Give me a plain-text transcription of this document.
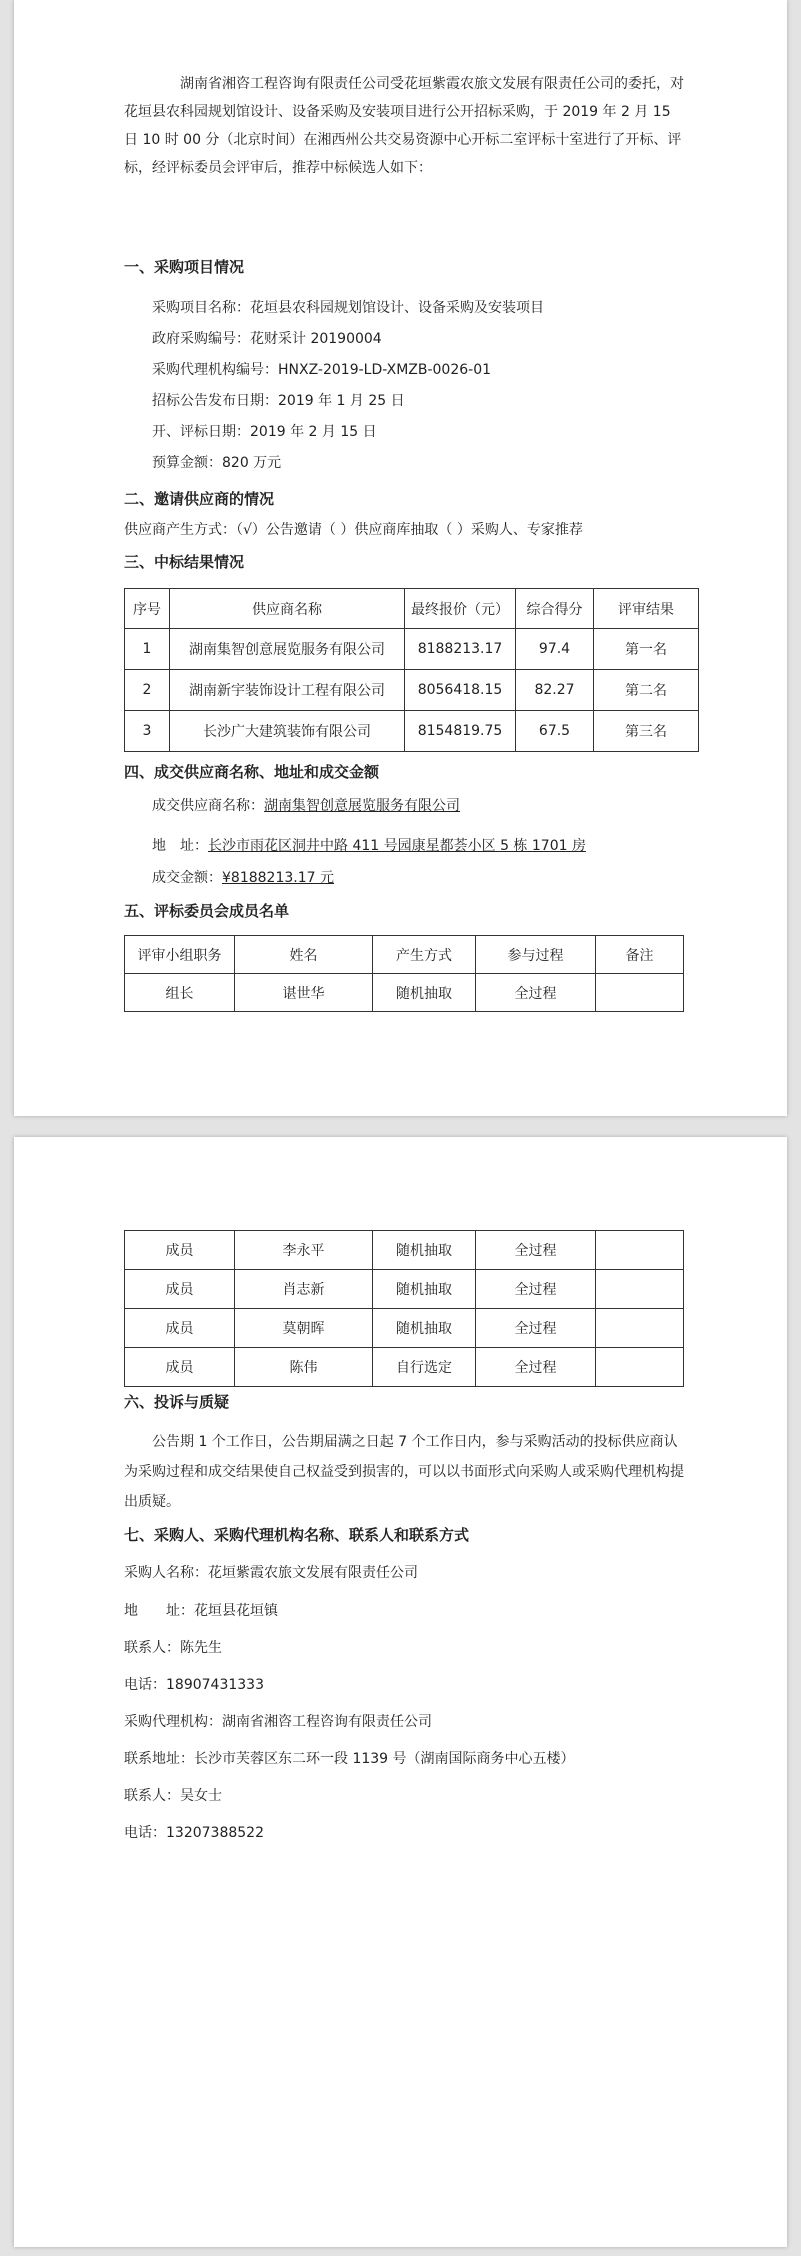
湖南省湘咨工程咨询有限责任公司受花垣紫霞农旅文发展有限责任公司的委托，对花垣县农科园规划馆设计、设备采购及安装项目进行公开招标采购，于 2019 年 2 月 15 日 10 时 00 分（北京时间）在湘西州公共交易资源中心开标二室评标十室进行了开标、评标，经评标委员会评审后，推荐中标候选人如下：
一、采购项目情况
采购项目名称：花垣县农科园规划馆设计、设备采购及安装项目
政府采购编号：花财采计 20190004
采购代理机构编号：HNXZ-2019-LD-XMZB-0026-01
招标公告发布日期：2019 年 1 月 25 日
开、评标日期：2019 年 2 月 15 日
预算金额：820 万元
二、邀请供应商的情况
供应商产生方式：（√）公告邀请（ ）供应商库抽取（ ）采购人、专家推荐
三、中标结果情况
序号	供应商名称	最终报价（元）	综合得分	评审结果
1	湖南集智创意展览服务有限公司	8188213.17	97.4	第一名
2	湖南新宇装饰设计工程有限公司	8056418.15	82.27	第二名
3	长沙广大建筑装饰有限公司	8154819.75	67.5	第三名
四、成交供应商名称、地址和成交金额
成交供应商名称：湖南集智创意展览服务有限公司
地　址：长沙市雨花区洞井中路 411 号园康星都荟小区 5 栋 1701 房
成交金额：¥8188213.17 元
五、评标委员会成员名单
评审小组职务	姓名	产生方式	参与过程	备注
组长	谌世华	随机抽取	全过程	
成员	李永平	随机抽取	全过程	
成员	肖志新	随机抽取	全过程	
成员	莫朝晖	随机抽取	全过程	
成员	陈伟	自行选定	全过程	
六、投诉与质疑
公告期 1 个工作日，公告期届满之日起 7 个工作日内，参与采购活动的投标供应商认为采购过程和成交结果使自己权益受到损害的，可以以书面形式向采购人或采购代理机构提出质疑。
七、采购人、采购代理机构名称、联系人和联系方式
采购人名称：花垣紫霞农旅文发展有限责任公司
地　　址：花垣县花垣镇
联系人：陈先生
电话：18907431333
采购代理机构：湖南省湘咨工程咨询有限责任公司
联系地址：长沙市芙蓉区东二环一段 1139 号（湖南国际商务中心五楼）
联系人：吴女士
电话：13207388522
